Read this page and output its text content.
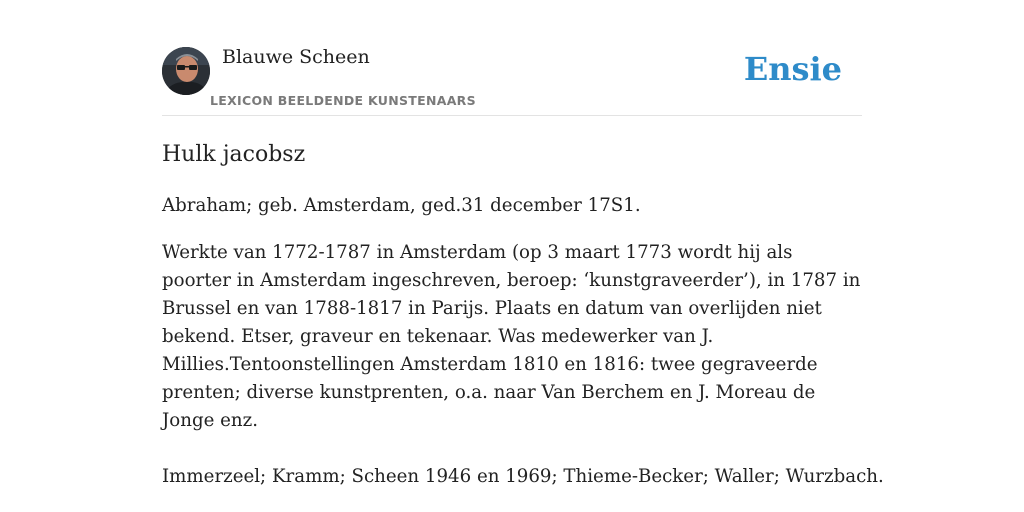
Blauwe Scheen
LEXICON BEELDENDE KUNSTENAARS
Ensie
Hulk jacobsz

Abraham; geb. Amsterdam, ged.31 december 17S1.

Werkte van 1772-1787 in Amsterdam (op 3 maart 1773 wordt hij als poorter in Amsterdam ingeschreven, beroep: ‘kunstgraveerder’), in 1787 in Brussel en van 1788-1817 in Parijs. Plaats en datum van overlijden niet bekend. Etser, graveur en tekenaar. Was medewerker van J. Millies.Tentoonstellingen Amsterdam 1810 en 1816: twee gegraveerde prenten; diverse kunstprenten, o.a. naar Van Berchem en J. Moreau de Jonge enz.

Immerzeel; Kramm; Scheen 1946 en 1969; Thieme-Becker; Waller; Wurzbach.
